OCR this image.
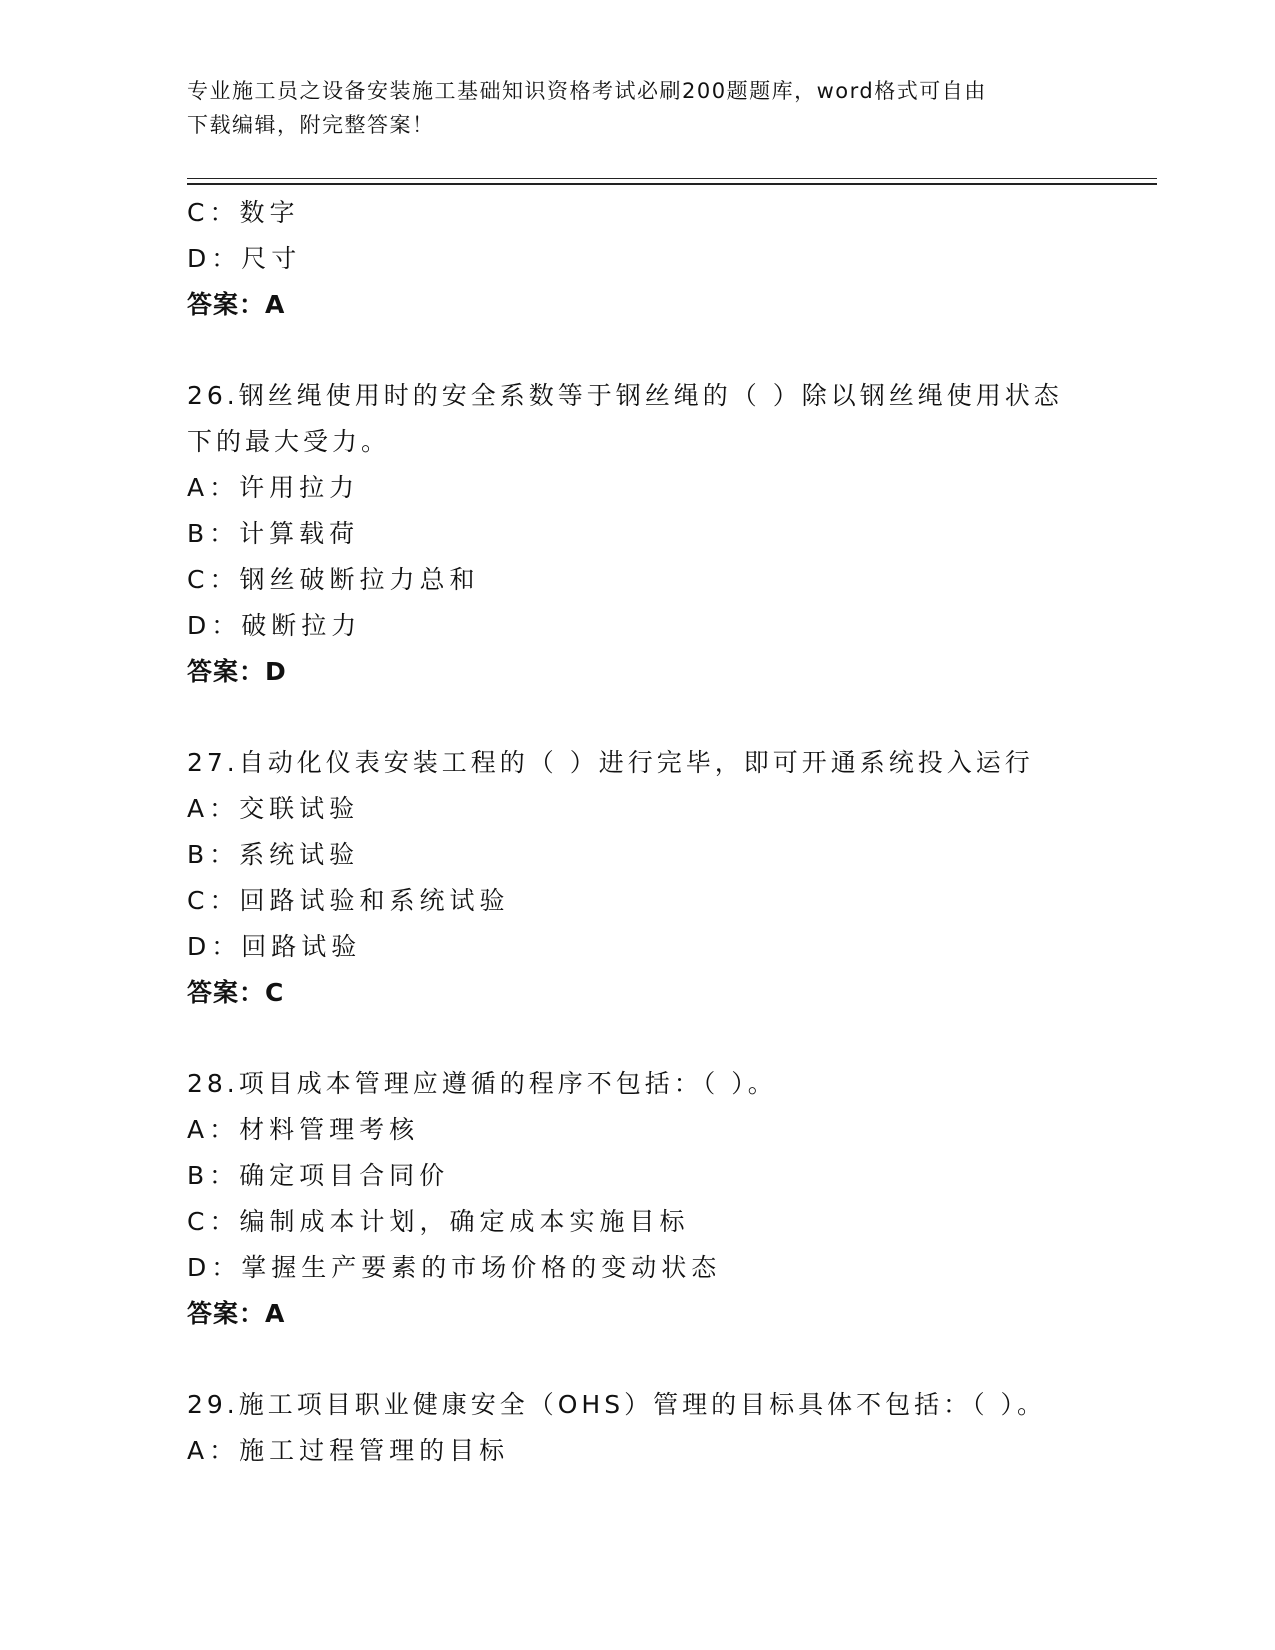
专业施工员之设备安装施工基础知识资格考试必刷200题题库，word格式可自由
下载编辑，附完整答案！
C：数字
D：尺寸
答案：A
26.钢丝绳使用时的安全系数等于钢丝绳的（ ）除以钢丝绳使用状态
下的最大受力。
A：许用拉力
B：计算载荷
C：钢丝破断拉力总和
D：破断拉力
答案：D
27.自动化仪表安装工程的（ ）进行完毕，即可开通系统投入运行
A：交联试验
B：系统试验
C：回路试验和系统试验
D：回路试验
答案：C
28.项目成本管理应遵循的程序不包括：（ ）。
A：材料管理考核
B：确定项目合同价
C：编制成本计划，确定成本实施目标
D：掌握生产要素的市场价格的变动状态
答案：A
29.施工项目职业健康安全（OHS）管理的目标具体不包括：（ ）。
A：施工过程管理的目标
